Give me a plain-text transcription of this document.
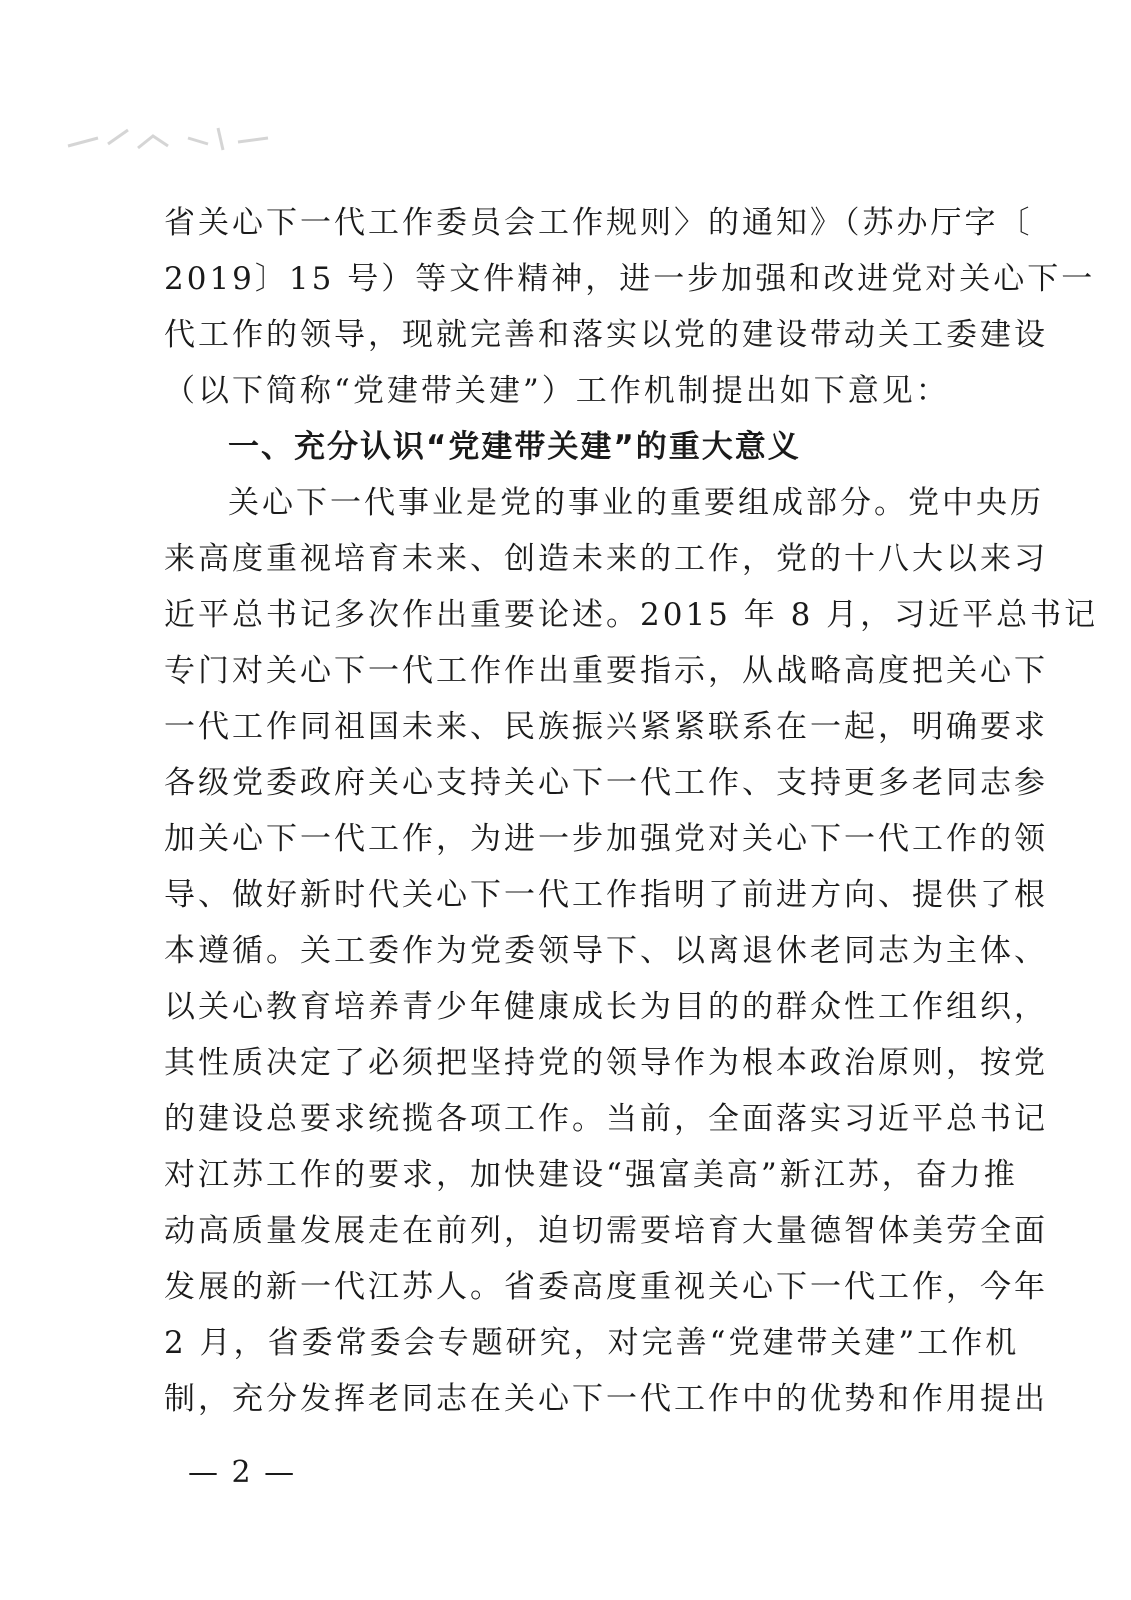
省关心下一代工作委员会工作规则〉的通知》（苏办厅字〔
2019〕15 号）等文件精神，进一步加强和改进党对关心下一
代工作的领导，现就完善和落实以党的建设带动关工委建设
（以下简称“党建带关建”）工作机制提出如下意见：
一、充分认识“党建带关建”的重大意义
关心下一代事业是党的事业的重要组成部分。党中央历
来高度重视培育未来、创造未来的工作，党的十八大以来习
近平总书记多次作出重要论述。2015 年 8 月，习近平总书记
专门对关心下一代工作作出重要指示，从战略高度把关心下
一代工作同祖国未来、民族振兴紧紧联系在一起，明确要求
各级党委政府关心支持关心下一代工作、支持更多老同志参
加关心下一代工作，为进一步加强党对关心下一代工作的领
导、做好新时代关心下一代工作指明了前进方向、提供了根
本遵循。关工委作为党委领导下、以离退休老同志为主体、
以关心教育培养青少年健康成长为目的的群众性工作组织，
其性质决定了必须把坚持党的领导作为根本政治原则，按党
的建设总要求统揽各项工作。当前，全面落实习近平总书记
对江苏工作的要求，加快建设“强富美高”新江苏，奋力推
动高质量发展走在前列，迫切需要培育大量德智体美劳全面
发展的新一代江苏人。省委高度重视关心下一代工作，今年
2 月，省委常委会专题研究，对完善“党建带关建”工作机
制，充分发挥老同志在关心下一代工作中的优势和作用提出
— 2 —
